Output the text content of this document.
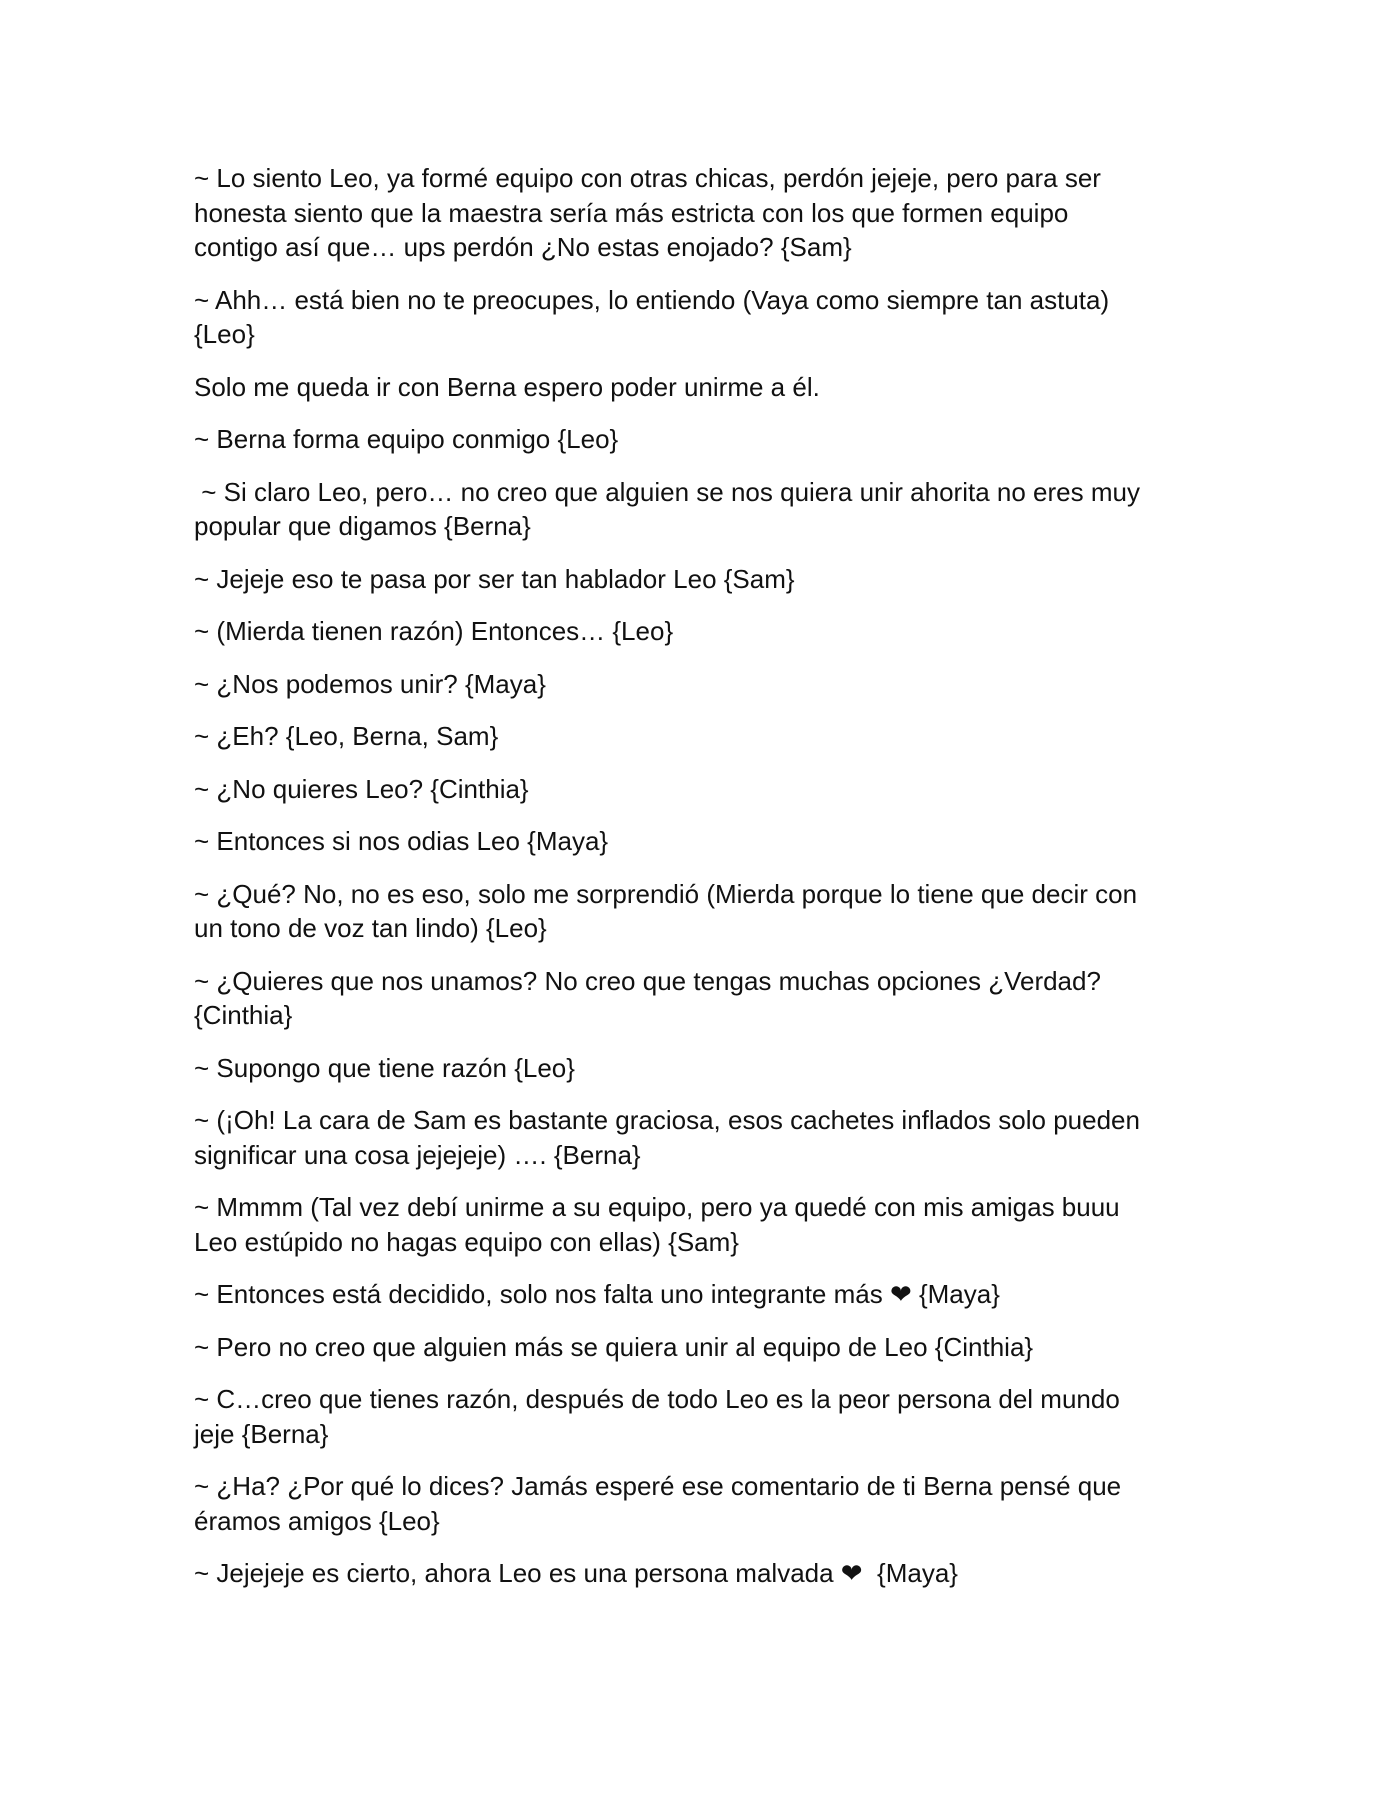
~ Lo siento Leo, ya formé equipo con otras chicas, perdón jejeje, pero para ser
honesta siento que la maestra sería más estricta con los que formen equipo
contigo así que… ups perdón ¿No estas enojado? {Sam}

~ Ahh… está bien no te preocupes, lo entiendo (Vaya como siempre tan astuta)
{Leo}

Solo me queda ir con Berna espero poder unirme a él.

~ Berna forma equipo conmigo {Leo}

~ Si claro Leo, pero… no creo que alguien se nos quiera unir ahorita no eres muy
popular que digamos {Berna}

~ Jejeje eso te pasa por ser tan hablador Leo {Sam}

~ (Mierda tienen razón) Entonces… {Leo}

~ ¿Nos podemos unir? {Maya}

~ ¿Eh? {Leo, Berna, Sam}

~ ¿No quieres Leo? {Cinthia}

~ Entonces si nos odias Leo {Maya}

~ ¿Qué? No, no es eso, solo me sorprendió (Mierda porque lo tiene que decir con
un tono de voz tan lindo) {Leo}

~ ¿Quieres que nos unamos? No creo que tengas muchas opciones ¿Verdad?
{Cinthia}

~ Supongo que tiene razón {Leo}

~ (¡Oh! La cara de Sam es bastante graciosa, esos cachetes inflados solo pueden
significar una cosa jejejeje) …. {Berna}

~ Mmmm (Tal vez debí unirme a su equipo, pero ya quedé con mis amigas buuu
Leo estúpido no hagas equipo con ellas) {Sam}

~ Entonces está decidido, solo nos falta uno integrante más ❤ {Maya}

~ Pero no creo que alguien más se quiera unir al equipo de Leo {Cinthia}

~ C…creo que tienes razón, después de todo Leo es la peor persona del mundo
jeje {Berna}

~ ¿Ha? ¿Por qué lo dices? Jamás esperé ese comentario de ti Berna pensé que
éramos amigos {Leo}

~ Jejejeje es cierto, ahora Leo es una persona malvada ❤  {Maya}
